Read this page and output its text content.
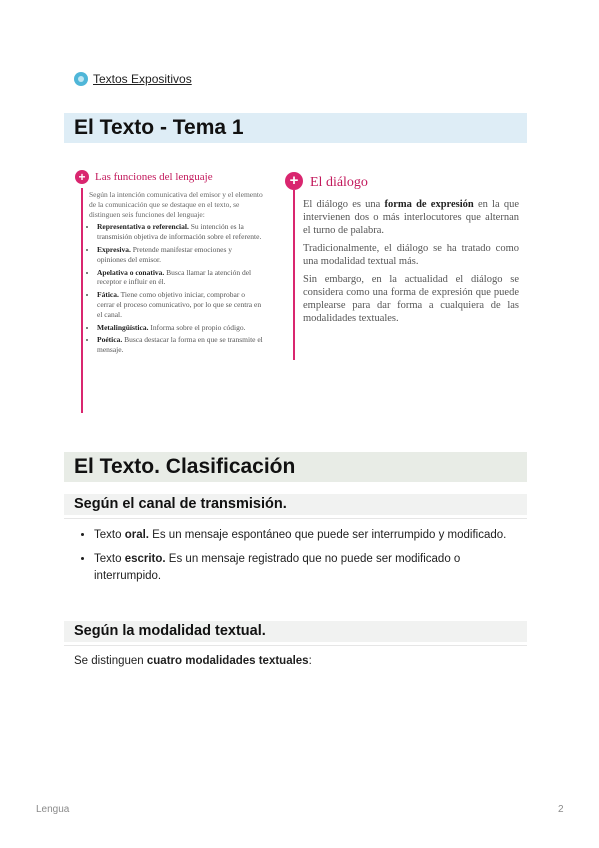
Textos Expositivos
El Texto - Tema 1
+ Las funciones del lenguaje

Según la intención comunicativa del emisor y el elemento de la comunicación que se destaque en el texto, se distinguen seis funciones del lenguaje:

• Representativa o referencial. Su intención es la transmisión objetiva de información sobre el referente.
• Expresiva. Pretende manifestar emociones y opiniones del emisor.
• Apelativa o conativa. Busca llamar la atención del receptor e influir en él.
• Fática. Tiene como objetivo iniciar, comprobar o cerrar el proceso comunicativo, por lo que se centra en el canal.
• Metalingüística. Informa sobre el propio código.
• Poética. Busca destacar la forma en que se transmite el mensaje.
+ El diálogo

El diálogo es una forma de expresión en la que intervienen dos o más interlocutores que alternan el turno de palabra.

Tradicionalmente, el diálogo se ha tratado como una modalidad textual más.

Sin embargo, en la actualidad el diálogo se considera como una forma de expresión que puede emplearse para dar forma a cualquiera de las modalidades textuales.

El Texto. Clasificación
Según el canal de transmisión.
• Texto oral. Es un mensaje espontáneo que puede ser interrumpido y modificado.
• Texto escrito. Es un mensaje registrado que no puede ser modificado o interrumpido.
Según la modalidad textual.
Se distinguen cuatro modalidades textuales:
Lengua	2
